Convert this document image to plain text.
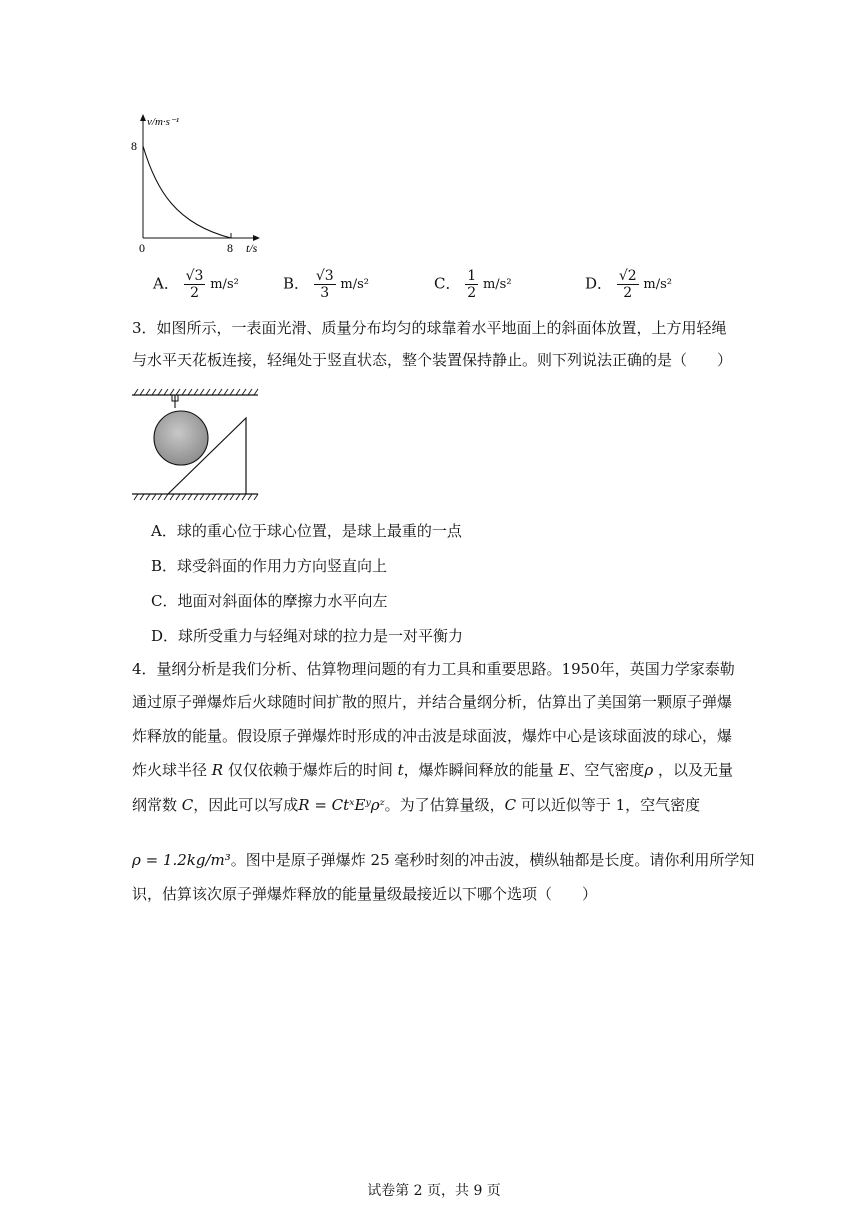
v/m·s⁻¹
8
0	8 t/s
A． $\frac{√3}{2} m/s^2$	B． $\frac{√3}{3} m/s^2$	C． $\frac{1}{2} m/s^2$	D． $\frac{√2}{2} m/s^2$
3．如图所示，一表面光滑、质量分布均匀的球靠着水平地面上的斜面体放置，上方用轻绳
与水平天花板连接，轻绳处于竖直状态，整个装置保持静止。则下列说法正确的是（　　）
A．球的重心位于球心位置，是球上最重的一点
B．球受斜面的作用力方向竖直向上
C．地面对斜面体的摩擦力水平向左
D．球所受重力与轻绳对球的拉力是一对平衡力
4．量纲分析是我们分析、估算物理问题的有力工具和重要思路。1950年，英国力学家泰勒
通过原子弹爆炸后火球随时间扩散的照片，并结合量纲分析，估算出了美国第一颗原子弹爆
炸释放的能量。假设原子弹爆炸时形成的冲击波是球面波，爆炸中心是该球面波的球心，爆
炸火球半径 R 仅仅依赖于爆炸后的时间 t，爆炸瞬间释放的能量 E、空气密度ρ ，以及无量
纲常数 C，因此可以写成R = CtˣEʸρᶻ。为了估算量级，C 可以近似等于 1，空气密度
ρ = 1.2kg/m³。图中是原子弹爆炸 25 毫秒时刻的冲击波，横纵轴都是长度。请你利用所学知
识，估算该次原子弹爆炸释放的能量量级最接近以下哪个选项（　　）
试卷第 2 页，共 9 页
